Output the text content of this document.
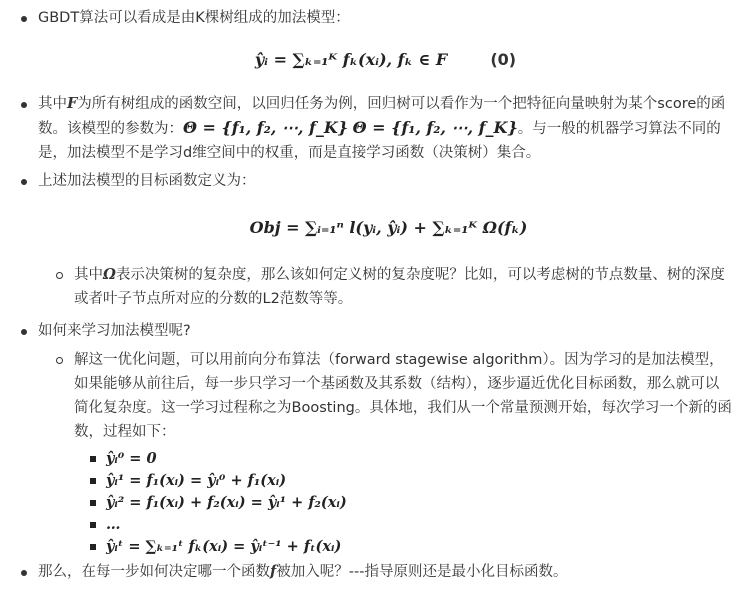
GBDT算法可以看成是由K棵树组成的加法模型：
ŷᵢ = ∑ₖ₌₁ᴷ fₖ(xᵢ), fₖ ∈ F	(0)
其中F为所有树组成的函数空间，以回归任务为例，回归树可以看作为一个把特征向量映射为某个score的函数。该模型的参数为：Θ = {f₁, f₂, ⋯, f_K} Θ = {f₁, f₂, ⋯, f_K}。与一般的机器学习算法不同的是，加法模型不是学习d维空间中的权重，而是直接学习函数（决策树）集合。
上述加法模型的目标函数定义为：
Obj = ∑ᵢ₌₁ⁿ l(yᵢ, ŷᵢ) + ∑ₖ₌₁ᴷ Ω(fₖ)
其中Ω表示决策树的复杂度，那么该如何定义树的复杂度呢？比如，可以考虑树的节点数量、树的深度或者叶子节点所对应的分数的L2范数等等。
如何来学习加法模型呢?
解这一优化问题，可以用前向分布算法（forward stagewise algorithm）。因为学习的是加法模型，如果能够从前往后，每一步只学习一个基函数及其系数（结构），逐步逼近优化目标函数，那么就可以简化复杂度。这一学习过程称之为Boosting。具体地，我们从一个常量预测开始，每次学习一个新的函数，过程如下：
ŷᵢ⁰ = 0
ŷᵢ¹ = f₁(xᵢ) = ŷᵢ⁰ + f₁(xᵢ)
ŷᵢ² = f₁(xᵢ) + f₂(xᵢ) = ŷᵢ¹ + f₂(xᵢ)
…
ŷᵢᵗ = ∑ₖ₌₁ᵗ fₖ(xᵢ) = ŷᵢᵗ⁻¹ + fₜ(xᵢ)
那么，在每一步如何决定哪一个函数f被加入呢？---指导原则还是最小化目标函数。
